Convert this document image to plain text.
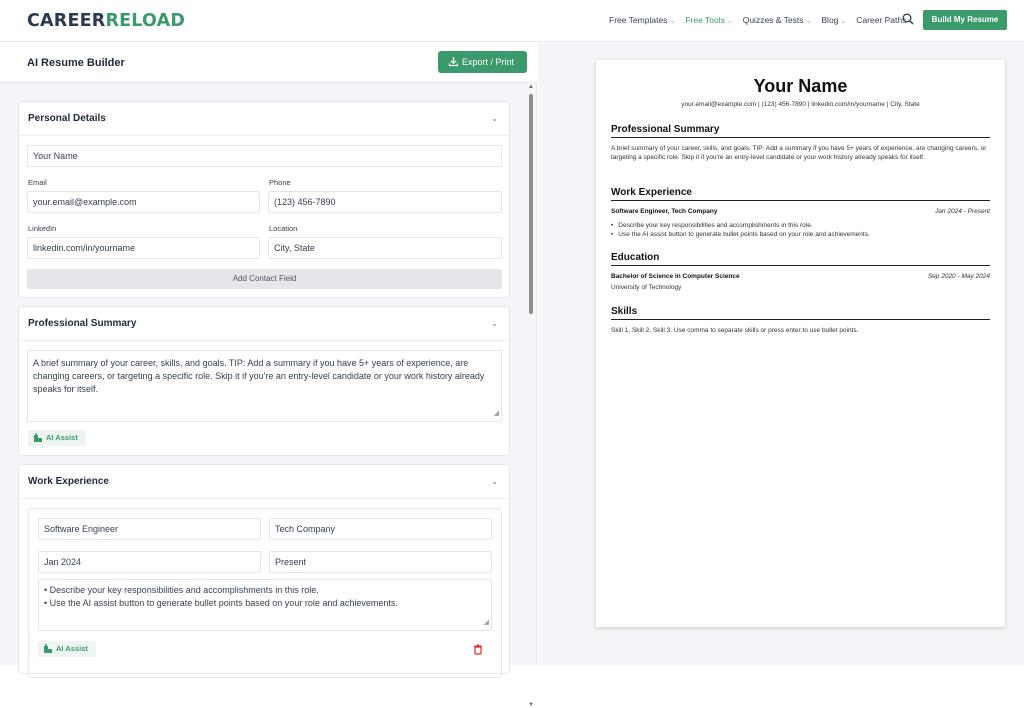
CAREERRELOAD	Free Templates ⌄ Free Tools ⌄ Quizzes & Tests ⌄ Blog ⌄ Career Paths	Build My Resume
AI Resume Builder	Export / Print
▲
▼
Personal Details	⌄
Your Name
Email
your.email@example.com
Phone
(123) 456-7890
LinkedIn
linkedin.com/in/yourname
Location
City, State
Add Contact Field
Professional Summary	⌄
A brief summary of your career, skills, and goals. TIP: Add a summary if you have 5+ years of experience, are changing careers, or targeting a specific role. Skip it if you're an entry-level candidate or your work history already speaks for itself.
◢
AI Assist
Work Experience	⌄
Software Engineer	Tech Company
Jan 2024	Present
• Describe your key responsibilities and accomplishments in this role.
• Use the AI assist button to generate bullet points based on your role and achievements.
◢
AI Assist
Your Name
your.email@example.com | (123) 456-7890 | linkedin.com/in/yourname | City, State
Professional Summary
A brief summary of your career, skills, and goals. TIP: Add a summary if you have 5+ years of experience, are changing careers, or targeting a specific role. Skip it if you're an entry-level candidate or your work history already speaks for itself.
Work Experience
Software Engineer, Tech Company	Jan 2024 - Present
• Describe your key responsibilities and accomplishments in this role.
• Use the AI assist button to generate bullet points based on your role and achievements.
Education
Bachelor of Science in Computer Science	Sep 2020 - May 2024
University of Technology
Skills
Skill 1, Skill 2, Skill 3. Use comma to separate skills or press enter to use bullet points.
